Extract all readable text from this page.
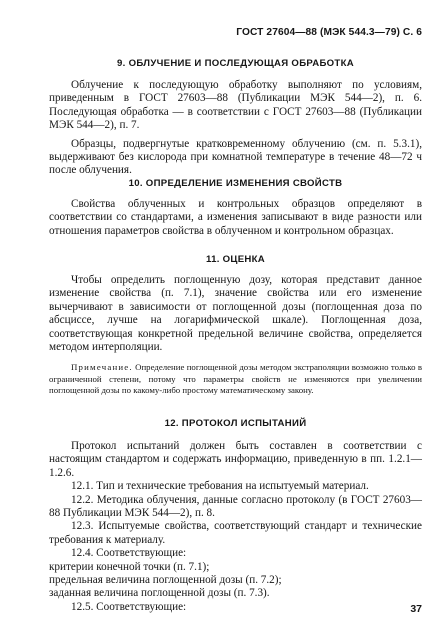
ГОСТ 27604—88 (МЭК 544.3—79) С. 6
9. ОБЛУЧЕНИЕ И ПОСЛЕДУЮЩАЯ ОБРАБОТКА

Облучение к последующую обработку выполняют по условиям, приведенным в ГОСТ 27603—88 (Публикации МЭК 544—2), п. 6. Последующая обработка — в соответствии с ГОСТ 27603—88 (Публикации МЭК 544—2), п. 7.

Образцы, подвергнутые кратковременному облучению (см. п. 5.3.1), выдерживают без кислорода при комнатной температуре в течение 48—72 ч после облучения.

10. ОПРЕДЕЛЕНИЕ ИЗМЕНЕНИЯ СВОЙСТВ

Свойства облученных и контрольных образцов определяют в соответствии со стандартами, а изменения записывают в виде разности или отношения параметров свойства в облученном и контрольном образцах.

11. ОЦЕНКА

Чтобы определить поглощенную дозу, которая представит данное изменение свойства (п. 7.1), значение свойства или его изменение вычерчивают в зависимости от поглощенной дозы (поглощенная доза по абсциссе, лучше на логарифмической шкале). Поглощенная доза, соответствующая конкретной предельной величине свойства, определяется методом интерполяции.

Примечание. Определение поглощенной дозы методом экстраполяции возможно только в ограниченной степени, потому что параметры свойств не изменяются при увеличении поглощенной дозы по какому-либо простому математическому закону.

12. ПРОТОКОЛ ИСПЫТАНИЙ

Протокол испытаний должен быть составлен в соответствии с настоящим стандартом и содержать информацию, приведенную в пп. 1.2.1—1.2.6.

12.1. Тип и технические требования на испытуемый материал.

12.2. Методика облучения, данные согласно протоколу (в ГОСТ 27603—88 Публикации МЭК 544—2), п. 8.

12.3. Испытуемые свойства, соответствующий стандарт и технические требования к материалу.

12.4. Соответствующие:

критерии конечной точки (п. 7.1);

предельная величина поглощенной дозы (п. 7.2);

заданная величина поглощенной дозы (п. 7.3).

12.5. Соответствующие:	37
